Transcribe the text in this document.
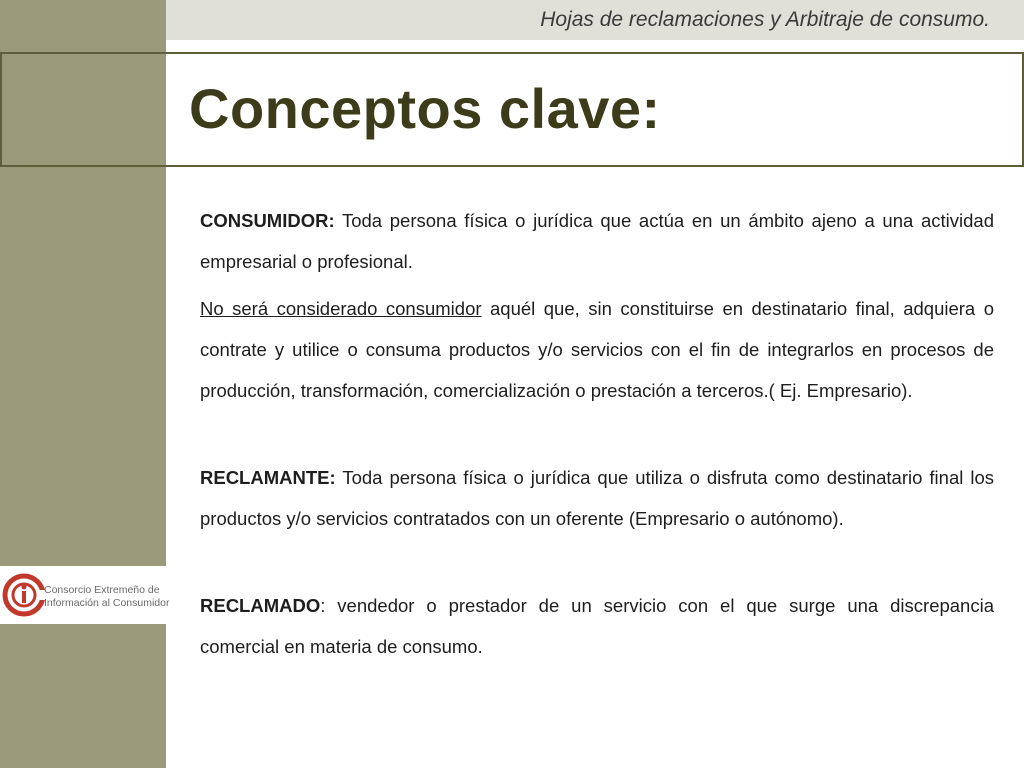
Hojas de reclamaciones y Arbitraje de consumo.
Conceptos clave:
Consorcio Extremeño de
Información al Consumidor

CONSUMIDOR: Toda persona física o jurídica que actúa en un ámbito ajeno a una actividad empresarial o profesional.

No será considerado consumidor aquél que, sin constituirse en destinatario final, adquiera o contrate y utilice o consuma productos y/o servicios con el fin de integrarlos en procesos de producción, transformación, comercialización o prestación a terceros.( Ej. Empresario).

RECLAMANTE: Toda persona física o jurídica que utiliza o disfruta como destinatario final los productos y/o servicios contratados con un oferente (Empresario o autónomo).

RECLAMADO: vendedor o prestador de un servicio con el que surge una discrepancia comercial en materia de consumo.
